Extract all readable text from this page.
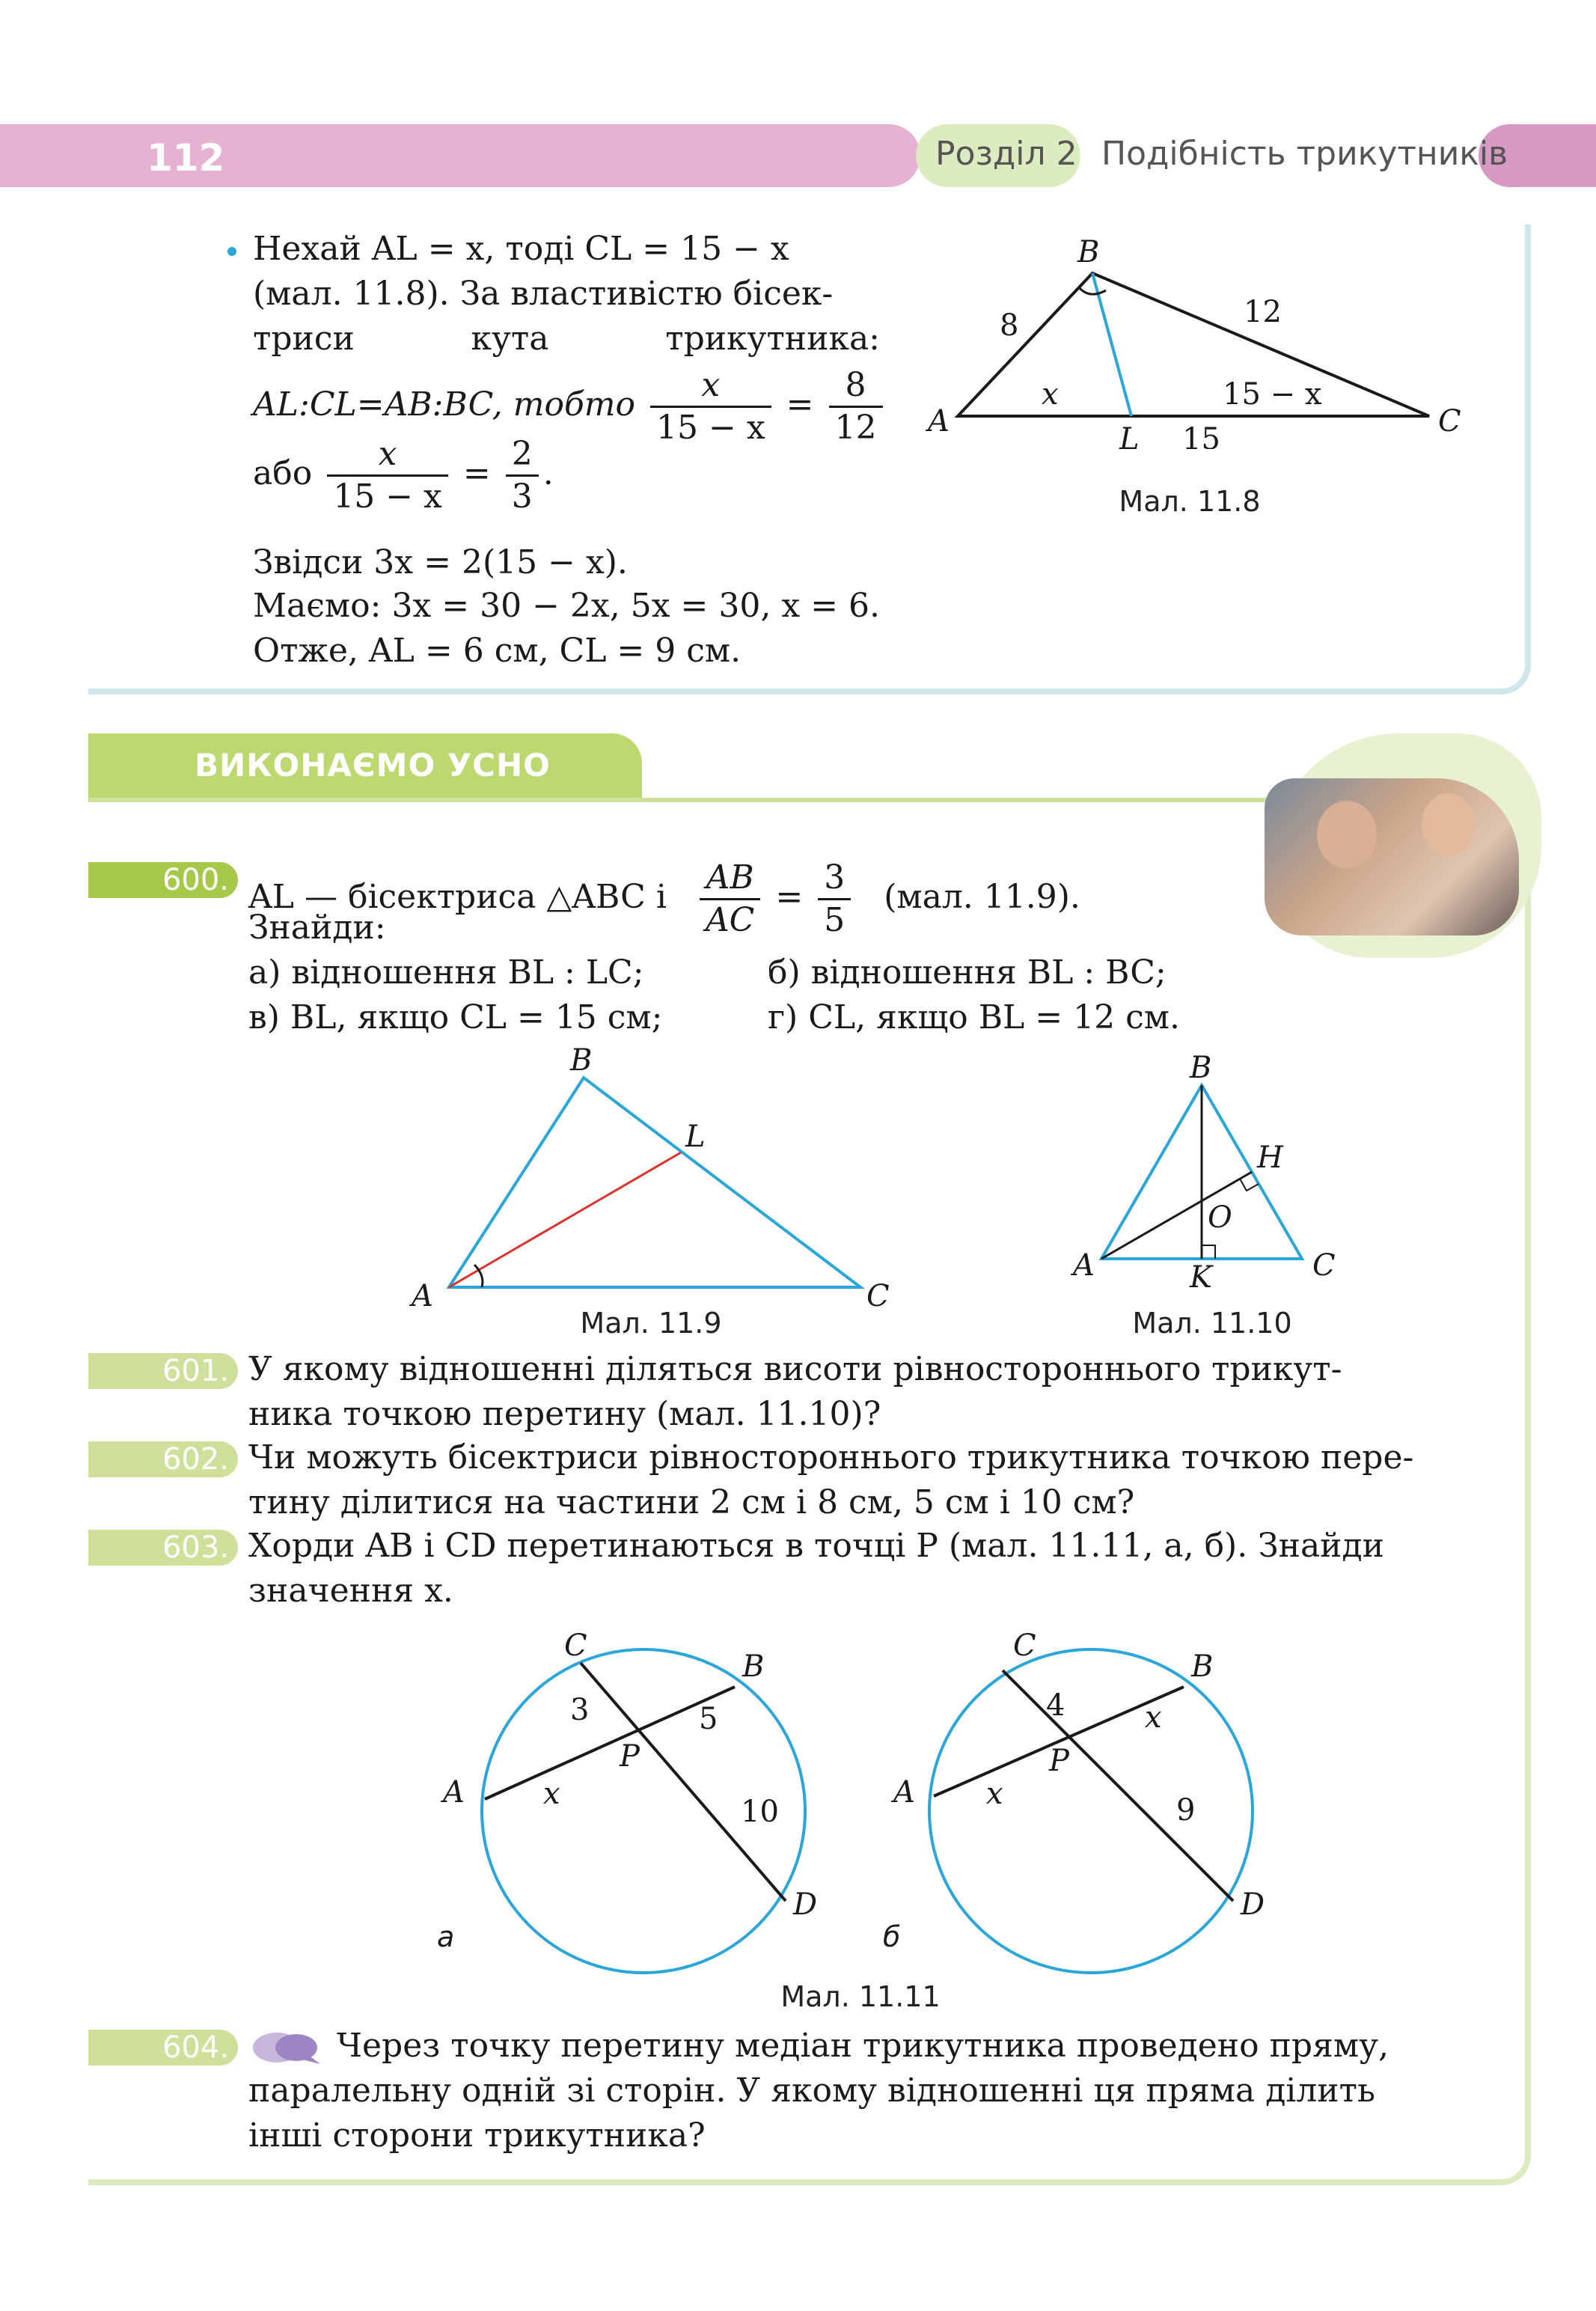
112	Розділ 2 Подібність трикутників
Нехай AL = x, тоді CL = 15 − x
(мал. 11.8). За властивістю бісек-
триси кута трикутника:
AL:CL=AB:BC, тобто $\frac{x}{15 - x} = \frac{8}{12}$
або $\frac{x}{15 - x} = \frac{2}{3}$ .
Звідси 3x = 2(15 − x).
Маємо: 3x = 30 − 2x, 5x = 30, x = 6.
Отже, AL = 6 см, CL = 9 см.
A
B
C
L
8	12
x	15 − x
15
Мал. 11.8
ВИКОНАЄМО УСНО
600. AL — бісектриса △ABC і $\frac{AB}{AC} = \frac{3}{5} (мал$. 11.9).
Знайди:
а) відношення BL : LC;	б) відношення BL : BC;
в) BL, якщо CL = 15 см;	г) CL, якщо BL = 12 см.
A
B
C
L
Мал. 11.9
A
B
C
H
O
K
Мал. 11.10
601. У якому відношенні діляться висоти рівностороннього трикут-
ника точкою перетину (мал. 11.10)?
602. Чи можуть бісектриси рівностороннього трикутника точкою пере-
тину ділитися на частини 2 см і 8 см, 5 см і 10 см?
603. Хорди AB і CD перетинаються в точці P (мал. 11.11, а, б). Знайди
значення x.
C
B
A
D
P
3	5
x
10
а
C
B
A
D
P
4	x
x	9
б
Мал. 11.11
604.	Через точку перетину медіан трикутника проведено пряму,
паралельну одній зі сторін. У якому відношенні ця пряма ділить
інші сторони трикутника?
